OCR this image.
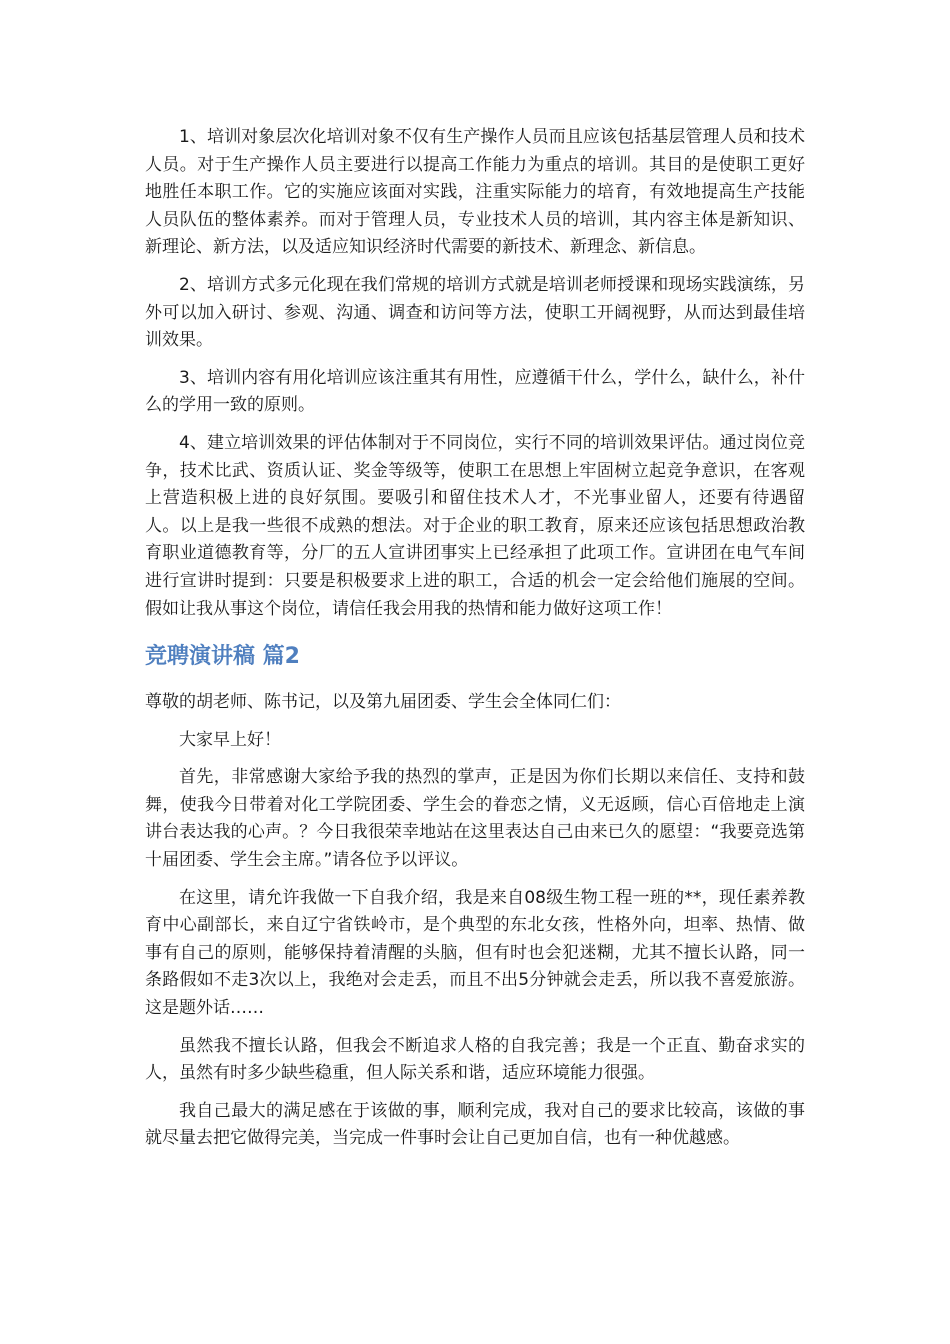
1、培训对象层次化培训对象不仅有生产操作人员而且应该包括基层管理人员和技术人员。对于生产操作人员主要进行以提高工作能力为重点的培训。其目的是使职工更好地胜任本职工作。它的实施应该面对实践，注重实际能力的培育，有效地提高生产技能人员队伍的整体素养。而对于管理人员，专业技术人员的培训，其内容主体是新知识、新理论、新方法，以及适应知识经济时代需要的新技术、新理念、新信息。

2、培训方式多元化现在我们常规的培训方式就是培训老师授课和现场实践演练，另外可以加入研讨、参观、沟通、调查和访问等方法，使职工开阔视野，从而达到最佳培训效果。

3、培训内容有用化培训应该注重其有用性，应遵循干什么，学什么，缺什么，补什么的学用一致的原则。

4、建立培训效果的评估体制对于不同岗位，实行不同的培训效果评估。通过岗位竞争，技术比武、资质认证、奖金等级等，使职工在思想上牢固树立起竞争意识，在客观上营造积极上进的良好氛围。要吸引和留住技术人才，不光事业留人，还要有待遇留人。以上是我一些很不成熟的想法。对于企业的职工教育，原来还应该包括思想政治教育职业道德教育等，分厂的五人宣讲团事实上已经承担了此项工作。宣讲团在电气车间进行宣讲时提到：只要是积极要求上进的职工，合适的机会一定会给他们施展的空间。假如让我从事这个岗位，请信任我会用我的热情和能力做好这项工作！

竞聘演讲稿 篇2

尊敬的胡老师、陈书记，以及第九届团委、学生会全体同仁们：

大家早上好！

首先，非常感谢大家给予我的热烈的掌声，正是因为你们长期以来信任、支持和鼓舞，使我今日带着对化工学院团委、学生会的眷恋之情，义无返顾，信心百倍地走上演讲台表达我的心声。？今日我很荣幸地站在这里表达自己由来已久的愿望：“我要竞选第十届团委、学生会主席。”请各位予以评议。

在这里，请允许我做一下自我介绍，我是来自08级生物工程一班的**，现任素养教育中心副部长，来自辽宁省铁岭市，是个典型的东北女孩，性格外向，坦率、热情、做事有自己的原则，能够保持着清醒的头脑，但有时也会犯迷糊，尤其不擅长认路，同一条路假如不走3次以上，我绝对会走丢，而且不出5分钟就会走丢，所以我不喜爱旅游。这是题外话……

虽然我不擅长认路，但我会不断追求人格的自我完善；我是一个正直、勤奋求实的人，虽然有时多少缺些稳重，但人际关系和谐，适应环境能力很强。

我自己最大的满足感在于该做的事，顺利完成，我对自己的要求比较高，该做的事就尽量去把它做得完美，当完成一件事时会让自己更加自信，也有一种优越感。
